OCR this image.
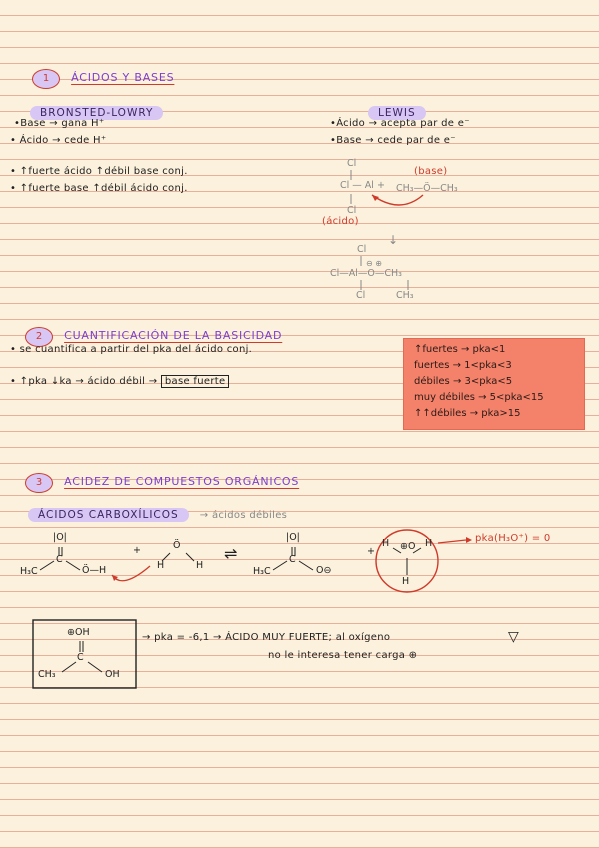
1 ÁCIDOS Y BASES
BRONSTED-LOWRY
•Base → gana H⁺
• Ácido → cede H⁺
• ↑fuerte ácido ↑débil base conj.
• ↑fuerte base ↑débil ácido conj.
LEWIS
•Ácido → acepta par de e⁻
•Base → cede par de e⁻
Cl
Cl — Al + CH₃—Ö—CH₃
Cl
(base)
(ácido)
↓
Cl
⊖ ⊕
Cl—Al—O—CH₃
Cl	CH₃
2 CUANTIFICACIÓN DE LA BASICIDAD
• se cuantifica a partir del pka del ácido conj.
• ↑pka ↓ka → ácido débil → base fuerte
↑fuertes → pka<1
fuertes → 1<pka<3
débiles → 3<pka<5
muy débiles → 5<pka<15
↑↑débiles → pka>15
3 ACIDEZ DE COMPUESTOS ORGÁNICOS
ÁCIDOS CARBOXÍLICOS → ácidos débiles
|O|
C
H₃C	Ö—H
+	Ö
H	H
⇌
|O|
C
H₃C	O⊖
+
H ⊕O H
H
pka(H₃O⁺) = 0
⊕OH
C
CH₃	OH
→ pka = -6,1 → ÁCIDO MUY FUERTE; al oxígeno
no le interesa tener carga ⊕
▽
